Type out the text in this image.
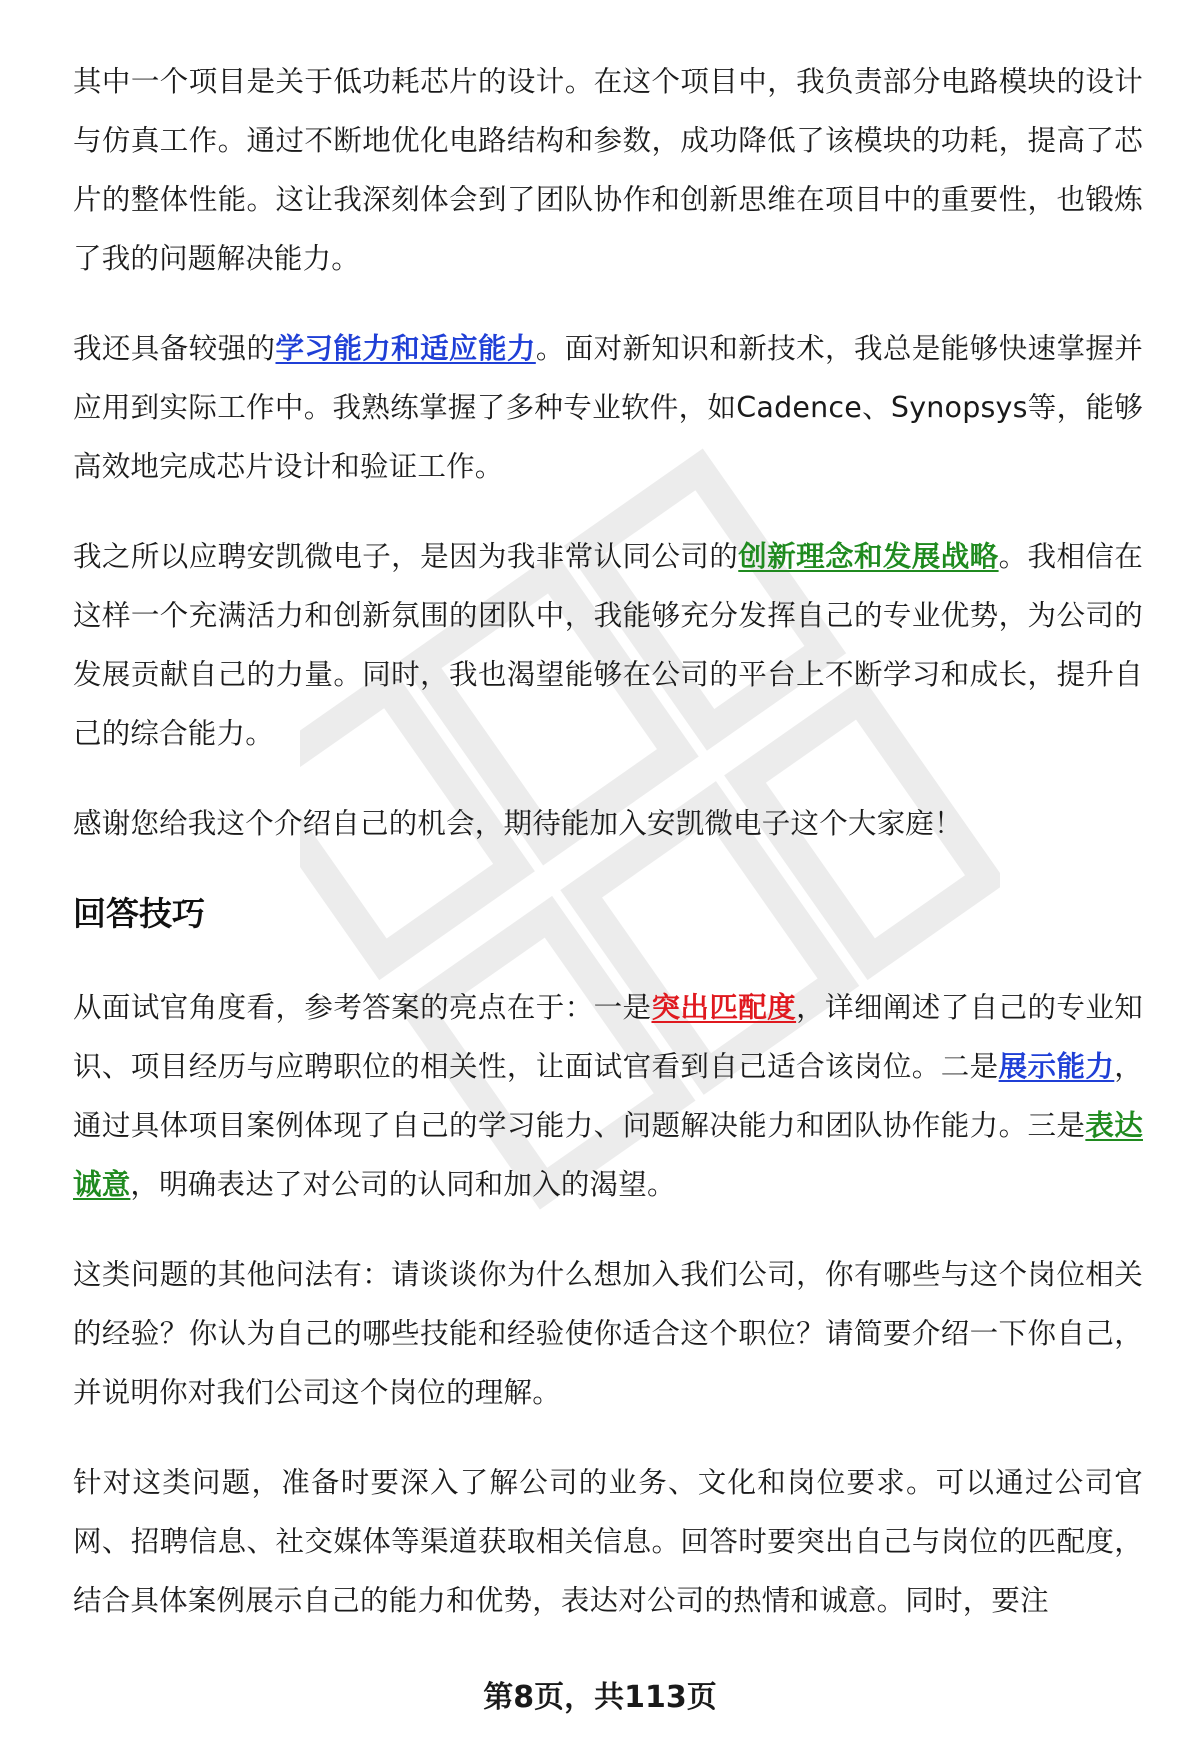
其中一个项目是关于低功耗芯片的设计。在这个项目中，我负责部分电路模块的设计与仿真工作。通过不断地优化电路结构和参数，成功降低了该模块的功耗，提高了芯片的整体性能。这让我深刻体会到了团队协作和创新思维在项目中的重要性，也锻炼了我的问题解决能力。

我还具备较强的学习能力和适应能力。面对新知识和新技术，我总是能够快速掌握并应用到实际工作中。我熟练掌握了多种专业软件，如Cadence、Synopsys等，能够高效地完成芯片设计和验证工作。

我之所以应聘安凯微电子，是因为我非常认同公司的创新理念和发展战略。我相信在这样一个充满活力和创新氛围的团队中，我能够充分发挥自己的专业优势，为公司的发展贡献自己的力量。同时，我也渴望能够在公司的平台上不断学习和成长，提升自己的综合能力。

感谢您给我这个介绍自己的机会，期待能加入安凯微电子这个大家庭！

回答技巧

从面试官角度看，参考答案的亮点在于：一是突出匹配度，详细阐述了自己的专业知识、项目经历与应聘职位的相关性，让面试官看到自己适合该岗位。二是展示能力，通过具体项目案例体现了自己的学习能力、问题解决能力和团队协作能力。三是表达诚意，明确表达了对公司的认同和加入的渴望。

这类问题的其他问法有：请谈谈你为什么想加入我们公司，你有哪些与这个岗位相关的经验？你认为自己的哪些技能和经验使你适合这个职位？请简要介绍一下你自己，并说明你对我们公司这个岗位的理解。

针对这类问题，准备时要深入了解公司的业务、文化和岗位要求。可以通过公司官网、招聘信息、社交媒体等渠道获取相关信息。回答时要突出自己与岗位的匹配度，结合具体案例展示自己的能力和优势，表达对公司的热情和诚意。同时，要注

第8页，共113页
